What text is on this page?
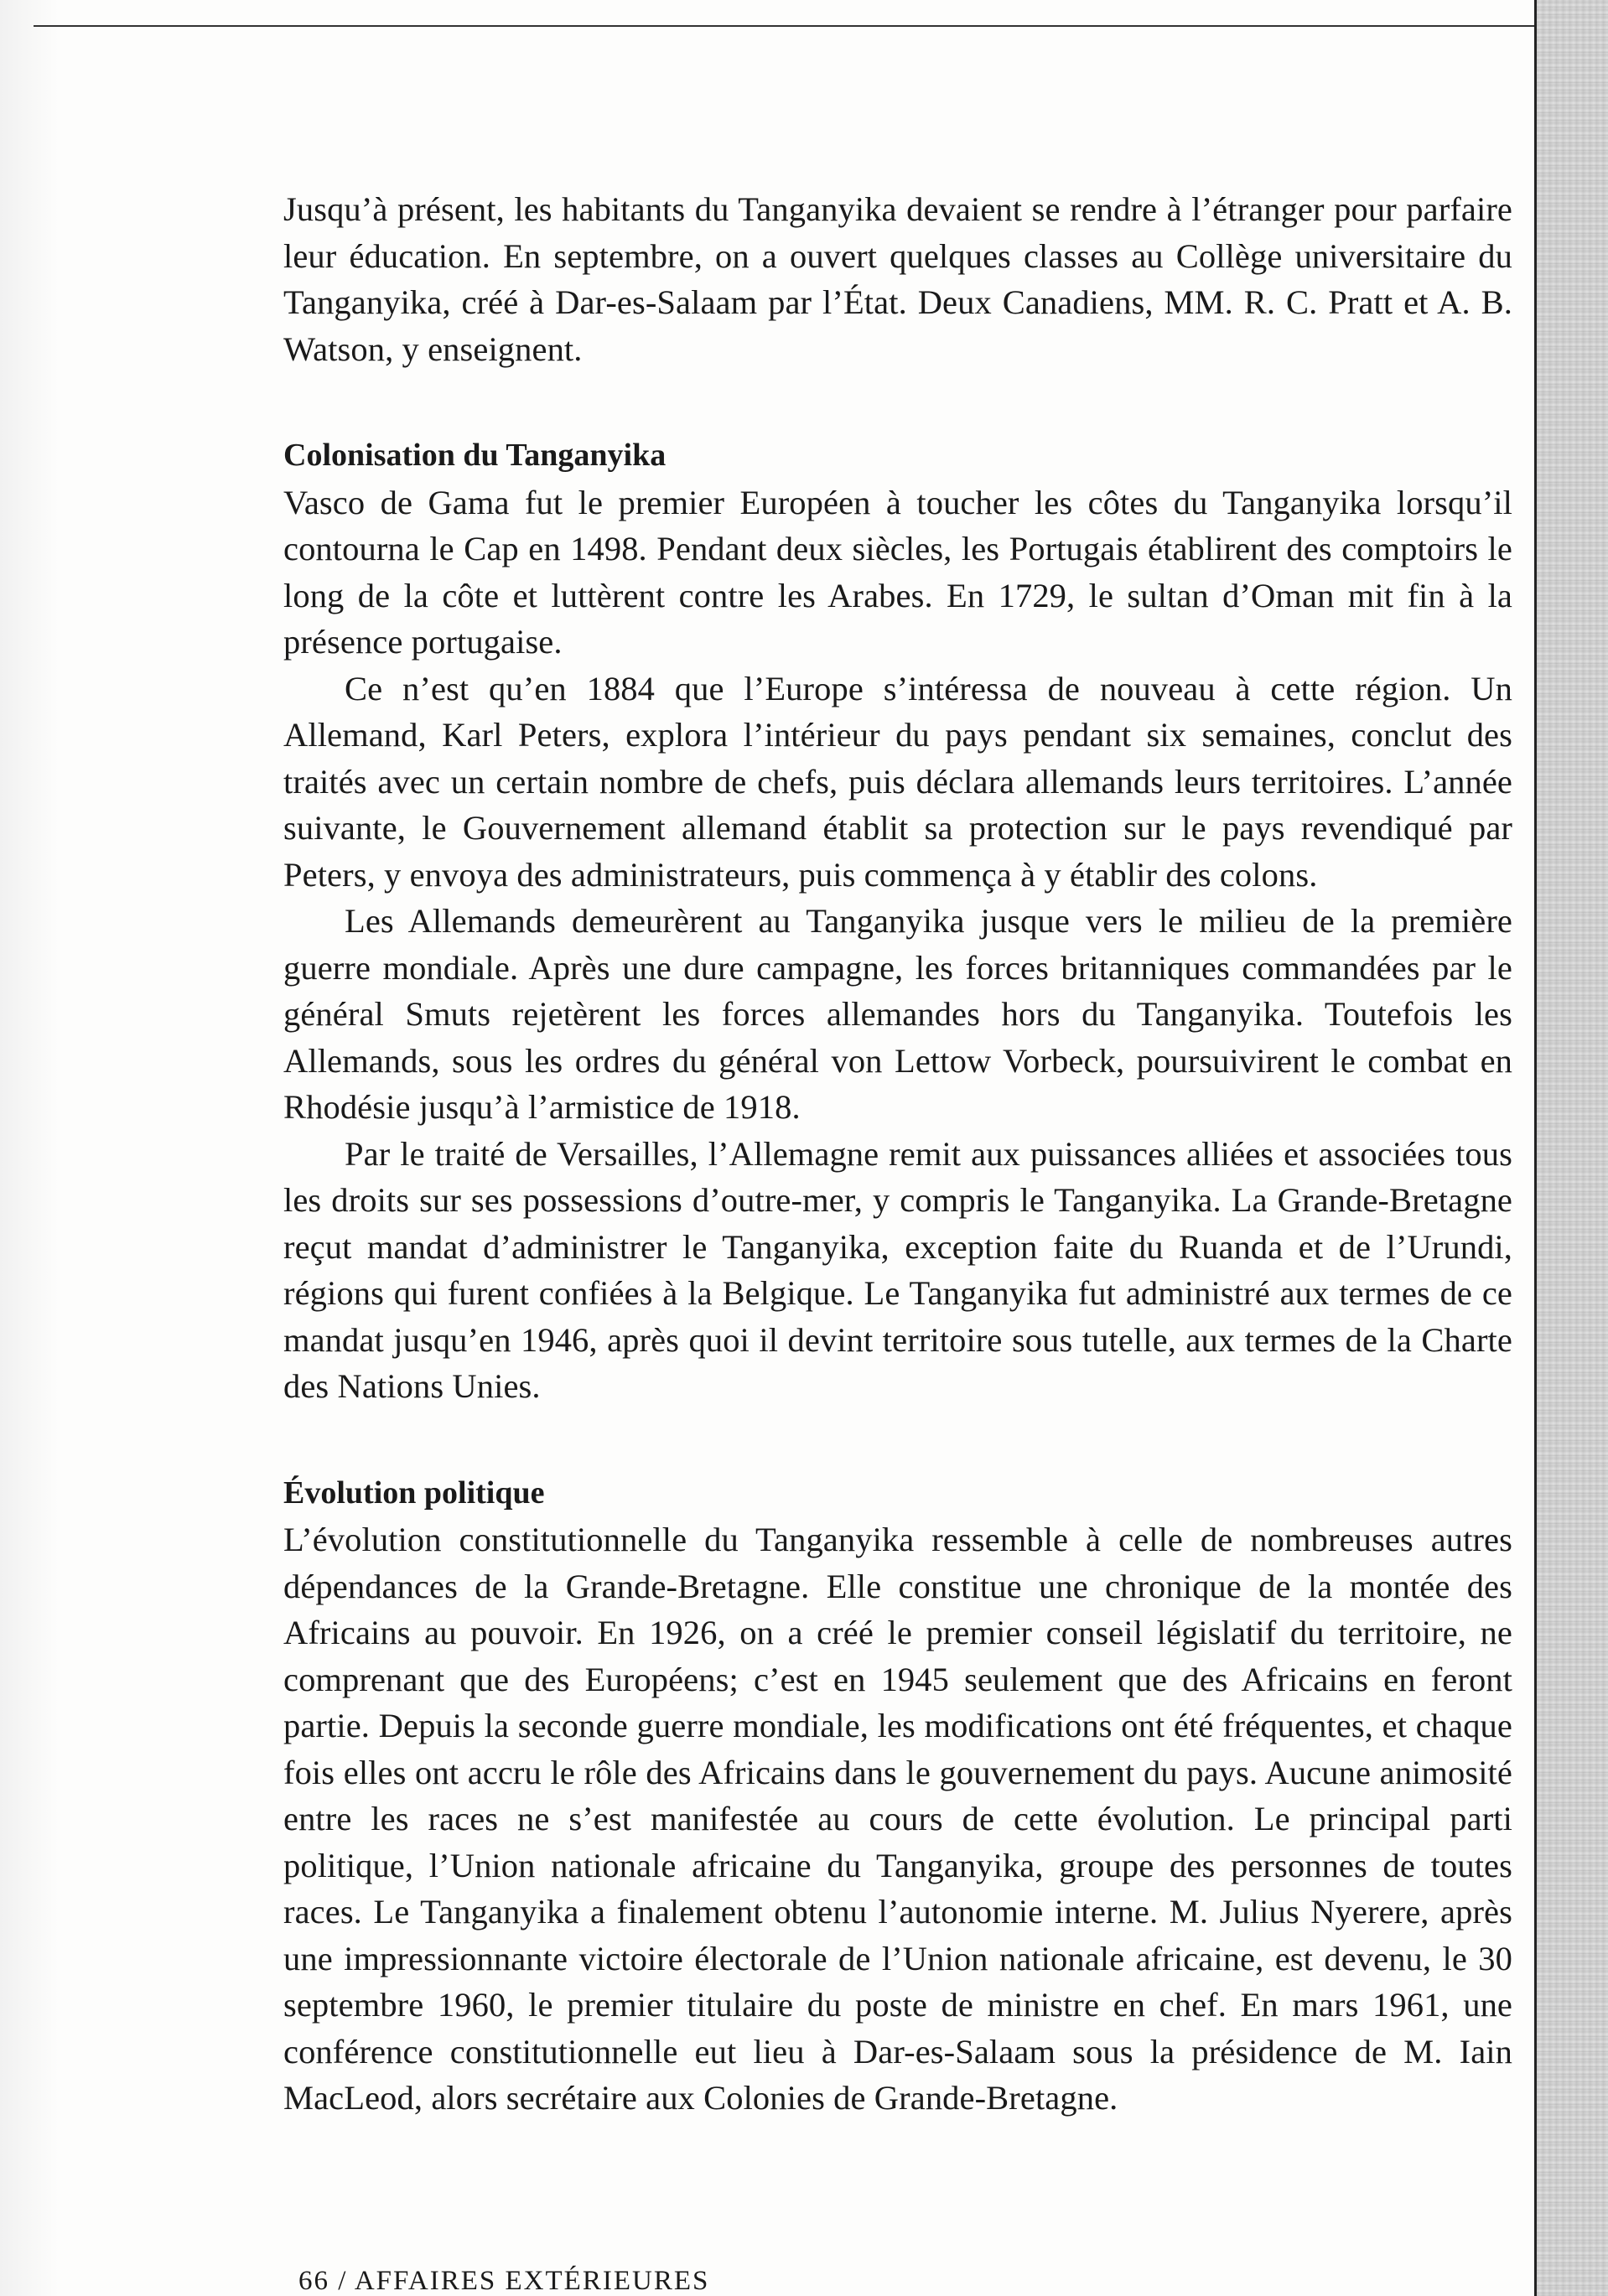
Jusqu’à présent, les habitants du Tanganyika devaient se rendre à l’étranger pour parfaire leur éducation. En septembre, on a ouvert quelques classes au Collège universitaire du Tanganyika, créé à Dar-es-Salaam par l’État. Deux Canadiens, MM. R. C. Pratt et A. B. Watson, y enseignent.

Colonisation du Tanganyika

Vasco de Gama fut le premier Européen à toucher les côtes du Tanganyika lorsqu’il contourna le Cap en 1498. Pendant deux siècles, les Portugais établirent des comptoirs le long de la côte et luttèrent contre les Arabes. En 1729, le sultan d’Oman mit fin à la présence portugaise.

Ce n’est qu’en 1884 que l’Europe s’intéressa de nouveau à cette région. Un Allemand, Karl Peters, explora l’intérieur du pays pendant six semaines, conclut des traités avec un certain nombre de chefs, puis déclara allemands leurs territoires. L’année suivante, le Gouvernement allemand établit sa protection sur le pays revendiqué par Peters, y envoya des administrateurs, puis commença à y établir des colons.

Les Allemands demeurèrent au Tanganyika jusque vers le milieu de la première guerre mondiale. Après une dure campagne, les forces britanniques commandées par le général Smuts rejetèrent les forces allemandes hors du Tanganyika. Toutefois les Allemands, sous les ordres du général von Lettow Vorbeck, poursuivirent le combat en Rhodésie jusqu’à l’armistice de 1918.

Par le traité de Versailles, l’Allemagne remit aux puissances alliées et associées tous les droits sur ses possessions d’outre-mer, y compris le Tanganyika. La Grande-Bretagne reçut mandat d’administrer le Tanganyika, exception faite du Ruanda et de l’Urundi, régions qui furent confiées à la Belgique. Le Tanganyika fut administré aux termes de ce mandat jusqu’en 1946, après quoi il devint territoire sous tutelle, aux termes de la Charte des Nations Unies.

Évolution politique

L’évolution constitutionnelle du Tanganyika ressemble à celle de nombreuses autres dépendances de la Grande-Bretagne. Elle constitue une chronique de la montée des Africains au pouvoir. En 1926, on a créé le premier conseil législatif du territoire, ne comprenant que des Européens; c’est en 1945 seulement que des Africains en feront partie. Depuis la seconde guerre mondiale, les modifications ont été fréquentes, et chaque fois elles ont accru le rôle des Africains dans le gouvernement du pays. Aucune animosité entre les races ne s’est manifestée au cours de cette évolution. Le principal parti politique, l’Union nationale africaine du Tanganyika, groupe des personnes de toutes races. Le Tanganyika a finalement obtenu l’autonomie interne. M. Julius Nyerere, après une impressionnante victoire électorale de l’Union nationale africaine, est devenu, le 30 septembre 1960, le premier titulaire du poste de ministre en chef. En mars 1961, une conférence constitutionnelle eut lieu à Dar-es-Salaam sous la présidence de M. Iain MacLeod, alors secrétaire aux Colonies de Grande-Bretagne.

66 / AFFAIRES EXTÉRIEURES
